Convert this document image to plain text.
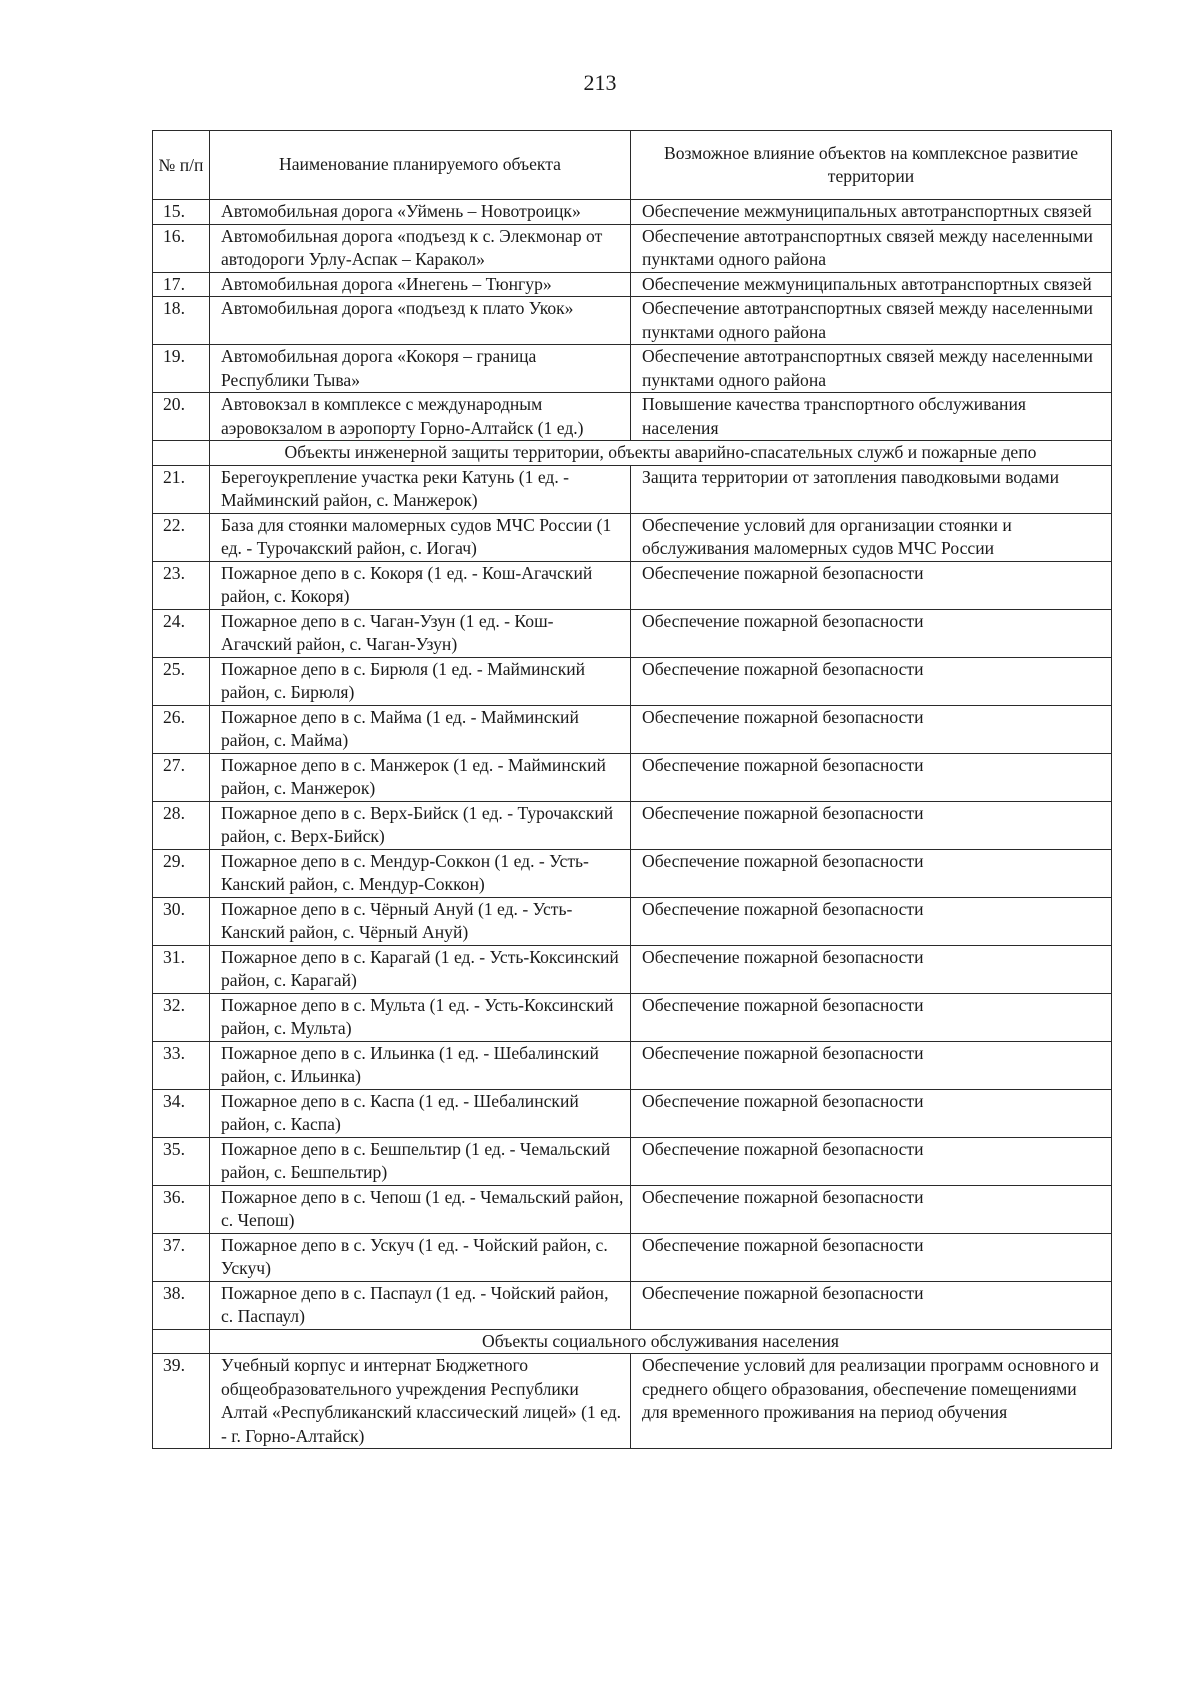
213
№ п/п	Наименование планируемого объекта	Возможное влияние объектов на комплексное развитие территории
15.	Автомобильная дорога «Уймень – Новотроицк»	Обеспечение межмуниципальных автотранспортных связей
16.	Автомобильная дорога «подъезд к с. Элекмонар от автодороги Урлу-Аспак – Каракол»	Обеспечение автотранспортных связей между населенными пунктами одного района
17.	Автомобильная дорога «Инегень – Тюнгур»	Обеспечение межмуниципальных автотранспортных связей
18.	Автомобильная дорога «подъезд к плато Укок»	Обеспечение автотранспортных связей между населенными пунктами одного района
19.	Автомобильная дорога «Кокоря – граница Республики Тыва»	Обеспечение автотранспортных связей между населенными пунктами одного района
20.	Автовокзал в комплексе с международным аэровокзалом в аэропорту Горно-Алтайск (1 ед.)	Повышение качества транспортного обслуживания населения
	Объекты инженерной защиты территории, объекты аварийно-спасательных служб и пожарные депо	
21.	Берегоукрепление участка реки Катунь (1 ед. - Майминский район, с. Манжерок)	Защита территории от затопления паводковыми водами
22.	База для стоянки маломерных судов МЧС России (1 ед. - Турочакский район, с. Иогач)	Обеспечение условий для организации стоянки и обслуживания маломерных судов МЧС России
23.	Пожарное депо в с. Кокоря (1 ед. - Кош-Агачский район, с. Кокоря)	Обеспечение пожарной безопасности
24.	Пожарное депо в с. Чаган-Узун (1 ед. - Кош-Агачский район, с. Чаган-Узун)	Обеспечение пожарной безопасности
25.	Пожарное депо в с. Бирюля (1 ед. - Майминский район, с. Бирюля)	Обеспечение пожарной безопасности
26.	Пожарное депо в с. Майма (1 ед. - Майминский район, с. Майма)	Обеспечение пожарной безопасности
27.	Пожарное депо в с. Манжерок (1 ед. - Майминский район, с. Манжерок)	Обеспечение пожарной безопасности
28.	Пожарное депо в с. Верх-Бийск (1 ед. - Турочакский район, с. Верх-Бийск)	Обеспечение пожарной безопасности
29.	Пожарное депо в с. Мендур-Соккон (1 ед. - Усть-Канский район, с. Мендур-Соккон)	Обеспечение пожарной безопасности
30.	Пожарное депо в с. Чёрный Ануй (1 ед. - Усть-Канский район, с. Чёрный Ануй)	Обеспечение пожарной безопасности
31.	Пожарное депо в с. Карагай (1 ед. - Усть-Коксинский район, с. Карагай)	Обеспечение пожарной безопасности
32.	Пожарное депо в с. Мульта (1 ед. - Усть-Коксинский район, с. Мульта)	Обеспечение пожарной безопасности
33.	Пожарное депо в с. Ильинка (1 ед. - Шебалинский район, с. Ильинка)	Обеспечение пожарной безопасности
34.	Пожарное депо в с. Каспа (1 ед. - Шебалинский район, с. Каспа)	Обеспечение пожарной безопасности
35.	Пожарное депо в с. Бешпельтир (1 ед. - Чемальский район, с. Бешпельтир)	Обеспечение пожарной безопасности
36.	Пожарное депо в с. Чепош (1 ед. - Чемальский район, с. Чепош)	Обеспечение пожарной безопасности
37.	Пожарное депо в с. Ускуч (1 ед. - Чойский район, с. Ускуч)	Обеспечение пожарной безопасности
38.	Пожарное депо в с. Паспаул (1 ед. - Чойский район, с. Паспаул)	Обеспечение пожарной безопасности
	Объекты социального обслуживания населения	
39.	Учебный корпус и интернат Бюджетного общеобразовательного учреждения Республики Алтай «Республиканский классический лицей» (1 ед. - г. Горно-Алтайск)	Обеспечение условий для реализации программ основного и среднего общего образования, обеспечение помещениями для временного проживания на период обучения
